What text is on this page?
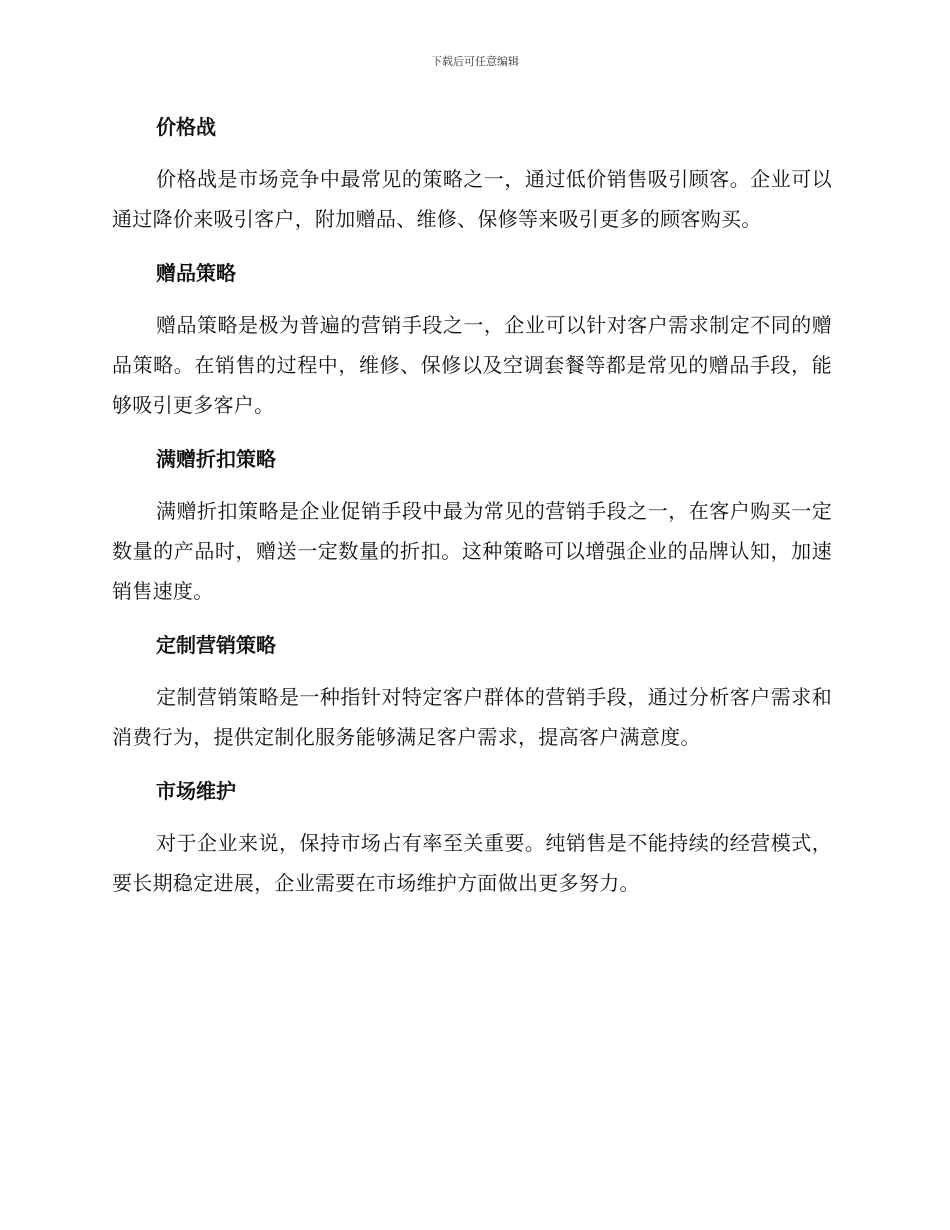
下载后可任意编辑
价格战
价格战是市场竞争中最常见的策略之一，通过低价销售吸引顾客。企业可以通过降价来吸引客户，附加赠品、维修、保修等来吸引更多的顾客购买。
赠品策略
赠品策略是极为普遍的营销手段之一，企业可以针对客户需求制定不同的赠品策略。在销售的过程中，维修、保修以及空调套餐等都是常见的赠品手段，能够吸引更多客户。
满赠折扣策略
满赠折扣策略是企业促销手段中最为常见的营销手段之一，在客户购买一定数量的产品时，赠送一定数量的折扣。这种策略可以增强企业的品牌认知，加速销售速度。
定制营销策略
定制营销策略是一种指针对特定客户群体的营销手段，通过分析客户需求和消费行为，提供定制化服务能够满足客户需求，提高客户满意度。
市场维护
对于企业来说，保持市场占有率至关重要。纯销售是不能持续的经营模式，要长期稳定进展，企业需要在市场维护方面做出更多努力。
